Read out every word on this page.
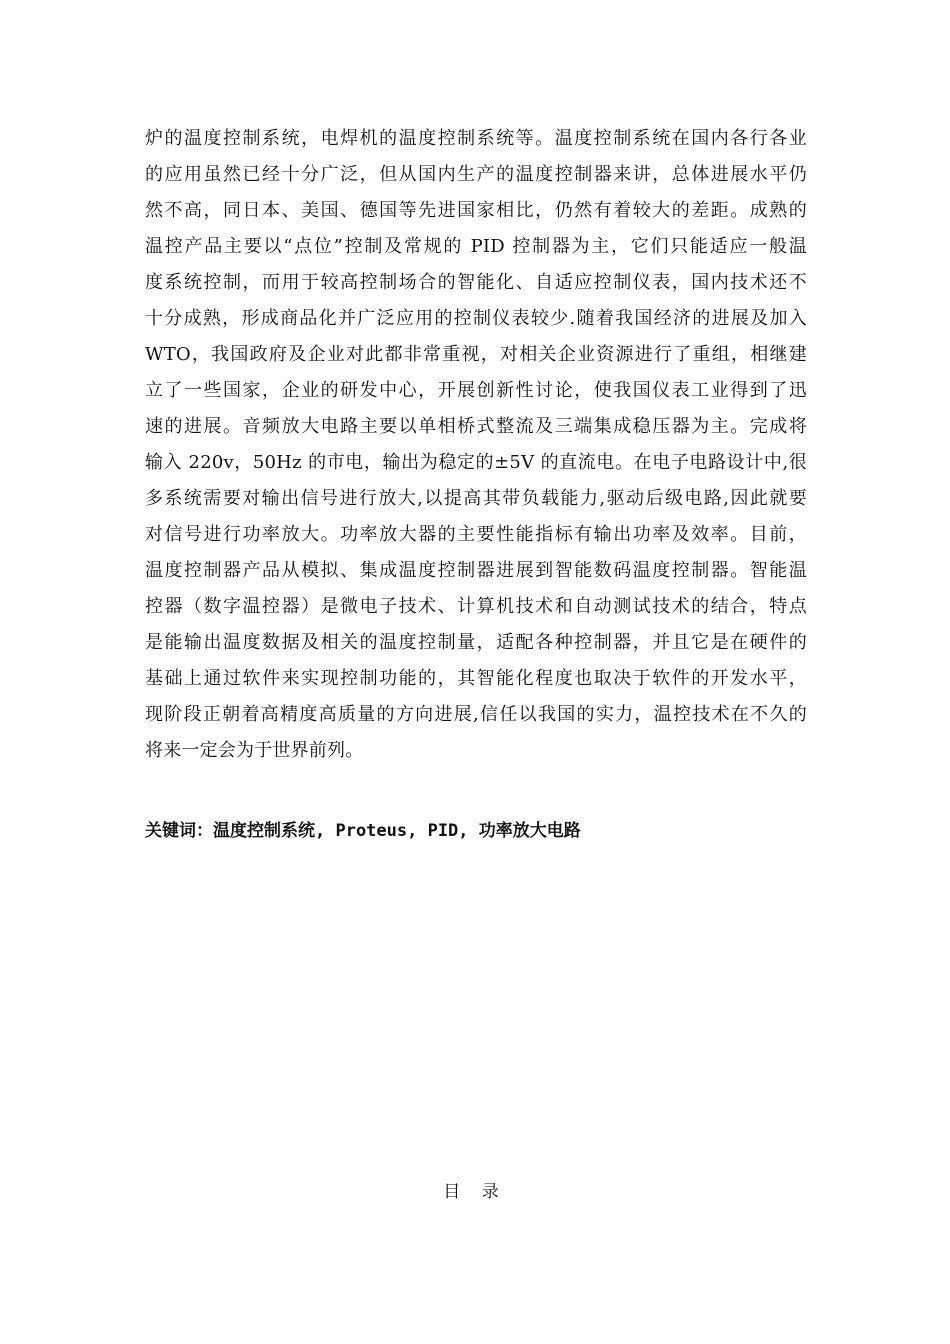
炉的温度控制系统，电焊机的温度控制系统等。温度控制系统在国内各行各业
的应用虽然已经十分广泛，但从国内生产的温度控制器来讲，总体进展水平仍
然不高，同日本、美国、德国等先进国家相比，仍然有着较大的差距。成熟的
温控产品主要以“点位”控制及常规的 PID 控制器为主，它们只能适应一般温
度系统控制，而用于较高控制场合的智能化、自适应控制仪表，国内技术还不
十分成熟，形成商品化并广泛应用的控制仪表较少.随着我国经济的进展及加入
WTO，我国政府及企业对此都非常重视，对相关企业资源进行了重组，相继建
立了一些国家，企业的研发中心，开展创新性讨论，使我国仪表工业得到了迅
速的进展。音频放大电路主要以单相桥式整流及三端集成稳压器为主。完成将
输入 220v，50Hz 的市电，输出为稳定的±5V 的直流电。在电子电路设计中,很
多系统需要对输出信号进行放大,以提高其带负载能力,驱动后级电路,因此就要
对信号进行功率放大。功率放大器的主要性能指标有输出功率及效率。目前，
温度控制器产品从模拟、集成温度控制器进展到智能数码温度控制器。智能温
控器（数字温控器）是微电子技术、计算机技术和自动测试技术的结合，特点
是能输出温度数据及相关的温度控制量，适配各种控制器，并且它是在硬件的
基础上通过软件来实现控制功能的，其智能化程度也取决于软件的开发水平，
现阶段正朝着高精度高质量的方向进展,信任以我国的实力，温控技术在不久的
将来一定会为于世界前列。
关键词：温度控制系统, Proteus, PID, 功率放大电路
目 录
